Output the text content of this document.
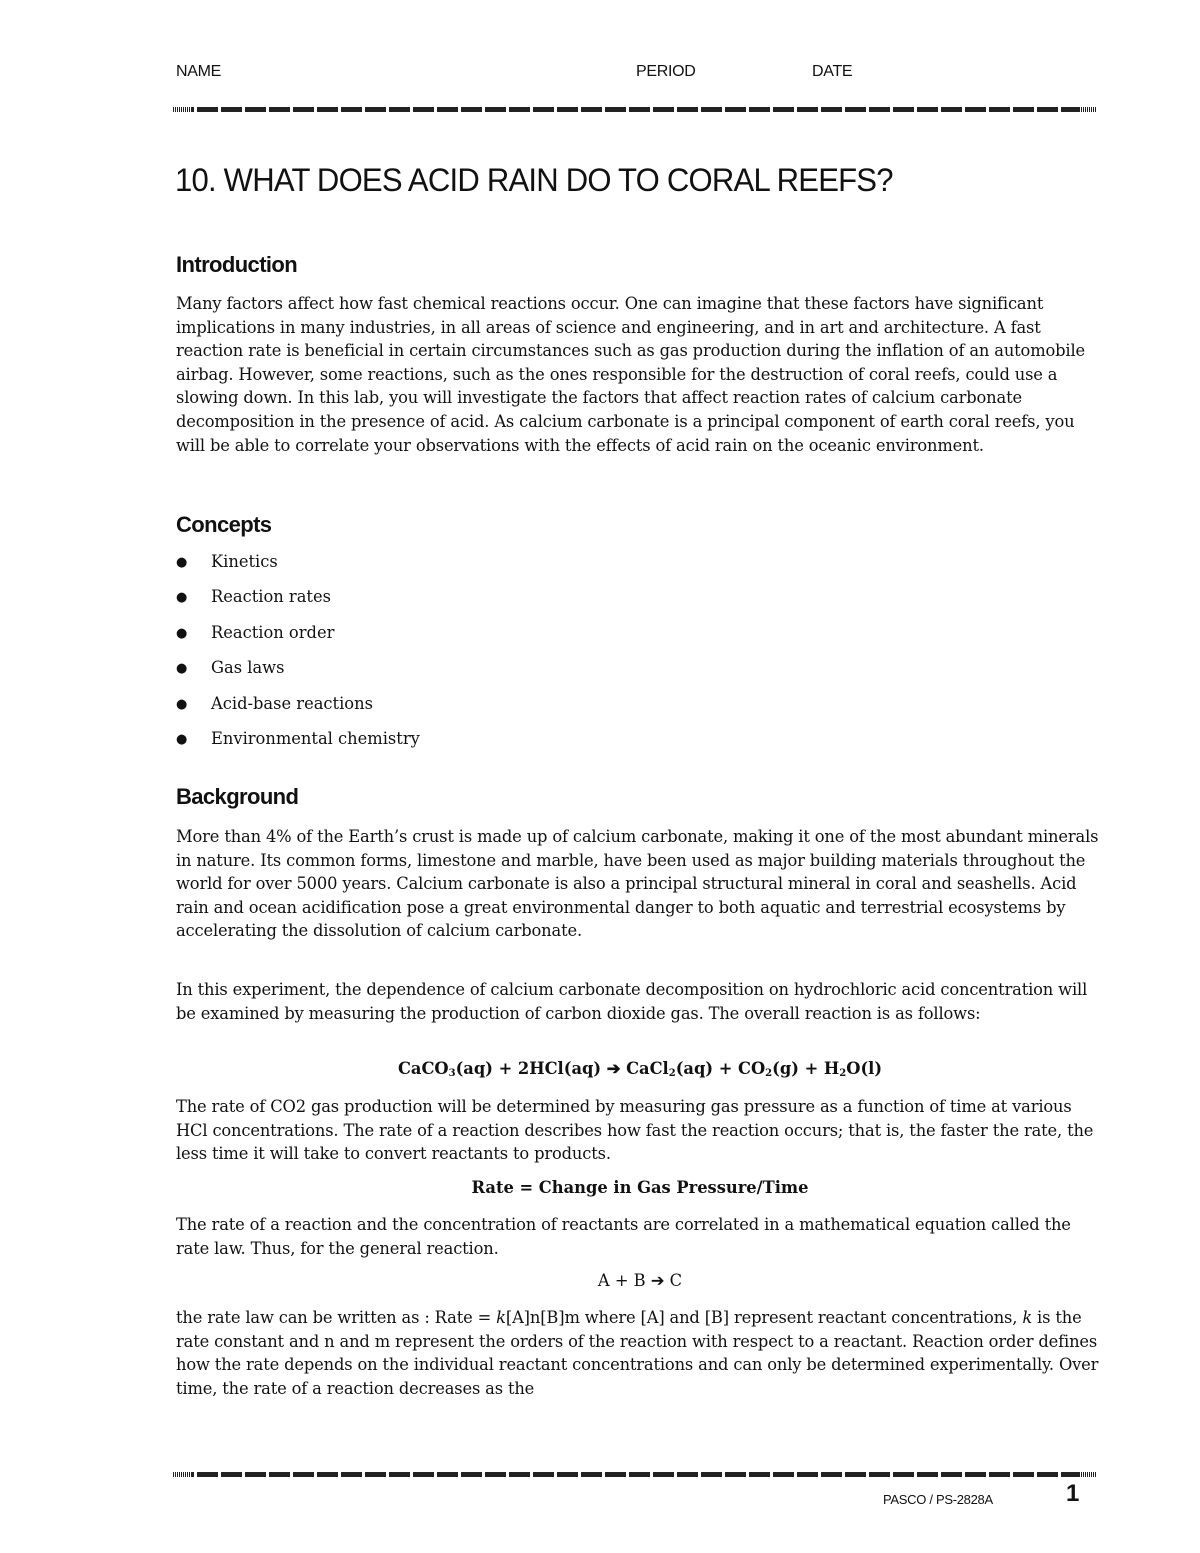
NAME	PERIOD	DATE
10. WHAT DOES ACID RAIN DO TO CORAL REEFS?
Introduction

Many factors affect how fast chemical reactions occur. One can imagine that these factors have significant implications in many industries, in all areas of science and engineering, and in art and architecture. A fast reaction rate is beneficial in certain circumstances such as gas production during the inflation of an automobile airbag. However, some reactions, such as the ones responsible for the destruction of coral reefs, could use a slowing down. In this lab, you will investigate the factors that affect reaction rates of calcium carbonate decomposition in the presence of acid. As calcium carbonate is a principal component of earth coral reefs, you will be able to correlate your observations with the effects of acid rain on the oceanic environment.

Concepts
●	Kinetics
●	Reaction rates
●	Reaction order
●	Gas laws
●	Acid-base reactions
●	Environmental chemistry
Background

More than 4% of the Earth’s crust is made up of calcium carbonate, making it one of the most abundant minerals in nature. Its common forms, limestone and marble, have been used as major building materials throughout the world for over 5000 years. Calcium carbonate is also a principal structural mineral in coral and seashells. Acid rain and ocean acidification pose a great environmental danger to both aquatic and terrestrial ecosystems by accelerating the dissolution of calcium carbonate.

In this experiment, the dependence of calcium carbonate decomposition on hydrochloric acid concentration will be examined by measuring the production of carbon dioxide gas. The overall reaction is as follows:

CaCO$_3$(aq) + 2HCl(aq) ➔ CaCl$_2$(aq) + $CO_2(g) + H_2O(l)$

The rate of CO2 gas production will be determined by measuring gas pressure as a function of time at various HCl concentrations. The rate of a reaction describes how fast the reaction occurs; that is, the faster the rate, the less time it will take to convert reactants to products.

Rate = Change in Gas Pressure/Time

The rate of a reaction and the concentration of reactants are correlated in a mathematical equation called the rate law. Thus, for the general reaction.

A + B ➔ C

the rate law can be written as : Rate = k[A]n[B]m where [A] and [B] represent reactant concentrations, k is the rate constant and n and m represent the orders of the reaction with respect to a reactant. Reaction order defines how the rate depends on the individual reactant concentrations and can only be determined experimentally. Over time, the rate of a reaction decreases as the

PASCO / PS-2828A	1
